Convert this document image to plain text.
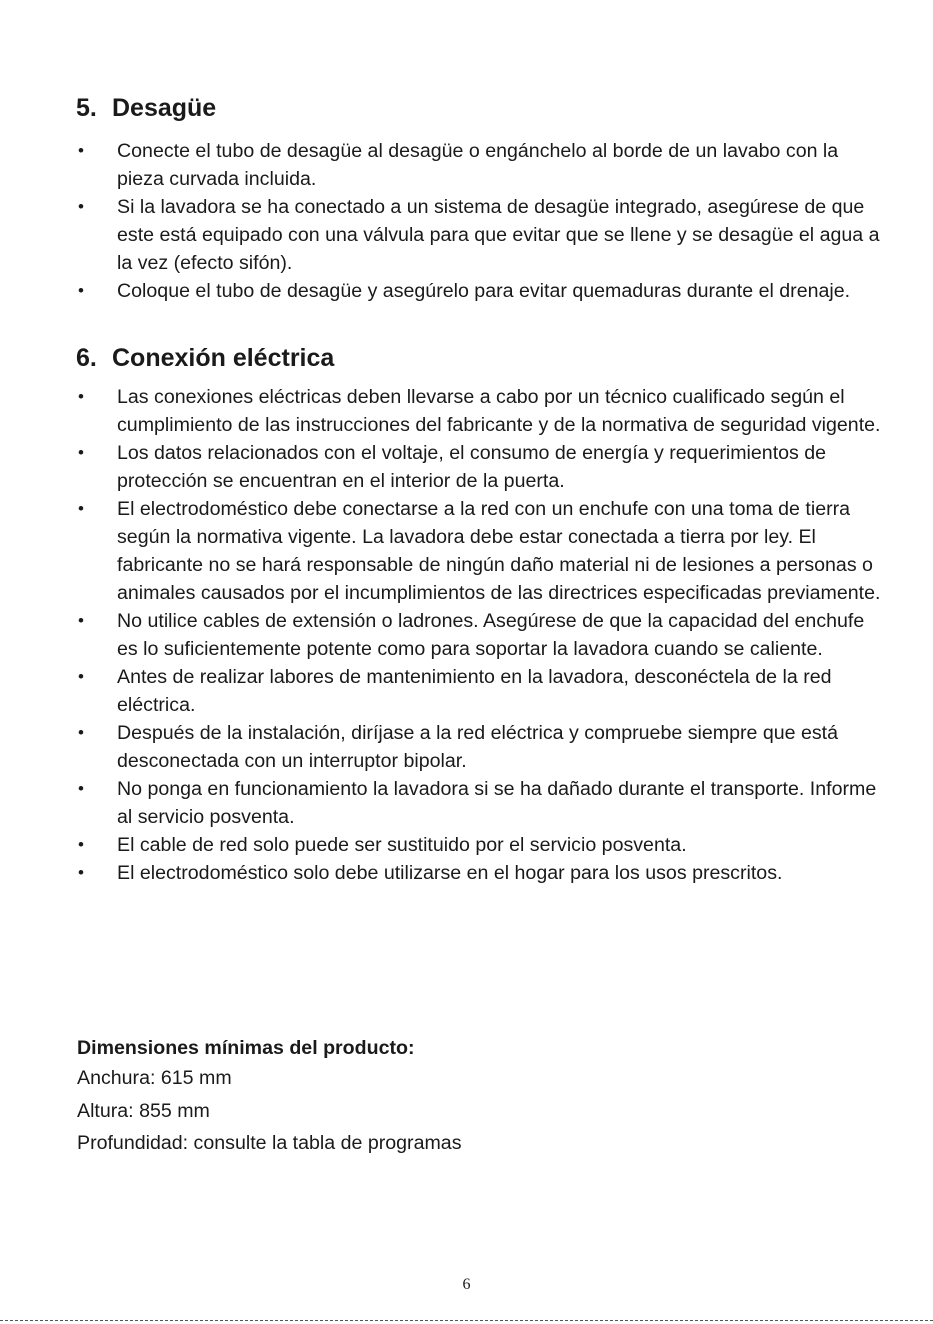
5. Desagüe
• Conecte el tubo de desagüe al desagüe o engánchelo al borde de un lavabo con la pieza curvada incluida.
• Si la lavadora se ha conectado a un sistema de desagüe integrado, asegúrese de que este está equipado con una válvula para que evitar que se llene y se desagüe el agua a la vez (efecto sifón).
• Coloque el tubo de desagüe y asegúrelo para evitar quemaduras durante el drenaje.
6. Conexión eléctrica
• Las conexiones eléctricas deben llevarse a cabo por un técnico cualificado según el cumplimiento de las instrucciones del fabricante y de la normativa de seguridad vigente.
• Los datos relacionados con el voltaje, el consumo de energía y requerimientos de protección se encuentran en el interior de la puerta.
• El electrodoméstico debe conectarse a la red con un enchufe con una toma de tierra según la normativa vigente. La lavadora debe estar conectada a tierra por ley. El fabricante no se hará responsable de ningún daño material ni de lesiones a personas o animales causados por el incumplimientos de las directrices especificadas previamente.
• No utilice cables de extensión o ladrones. Asegúrese de que la capacidad del enchufe es lo suficientemente potente como para soportar la lavadora cuando se caliente.
• Antes de realizar labores de mantenimiento en la lavadora, desconéctela de la red eléctrica.
• Después de la instalación, diríjase a la red eléctrica y compruebe siempre que está desconectada con un interruptor bipolar.
• No ponga en funcionamiento la lavadora si se ha dañado durante el transporte. Informe al servicio posventa.
• El cable de red solo puede ser sustituido por el servicio posventa.
• El electrodoméstico solo debe utilizarse en el hogar para los usos prescritos.
Dimensiones mínimas del producto:
Anchura: 615 mm
Altura: 855 mm
Profundidad: consulte la tabla de programas
6
